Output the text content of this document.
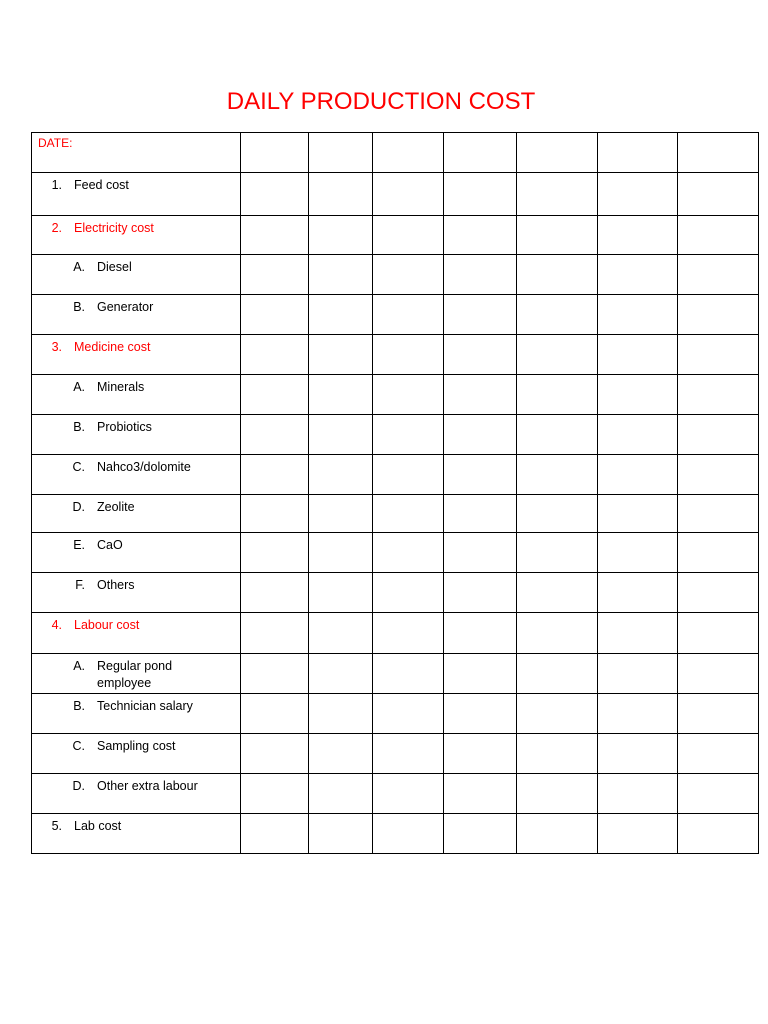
DAILY PRODUCTION COST
DATE:							

1. Feed cost							

2. Electricity cost							

A. Diesel							

B. Generator							

3. Medicine cost							

A. Minerals							

B. Probiotics							

C. Nahco3/dolomite							

D. Zeolite							

E. CaO							

F. Others							

4. Labour cost							

A. Regular pond employee							

B. Technician salary							

C. Sampling cost							

D. Other extra labour							

5. Lab cost							
